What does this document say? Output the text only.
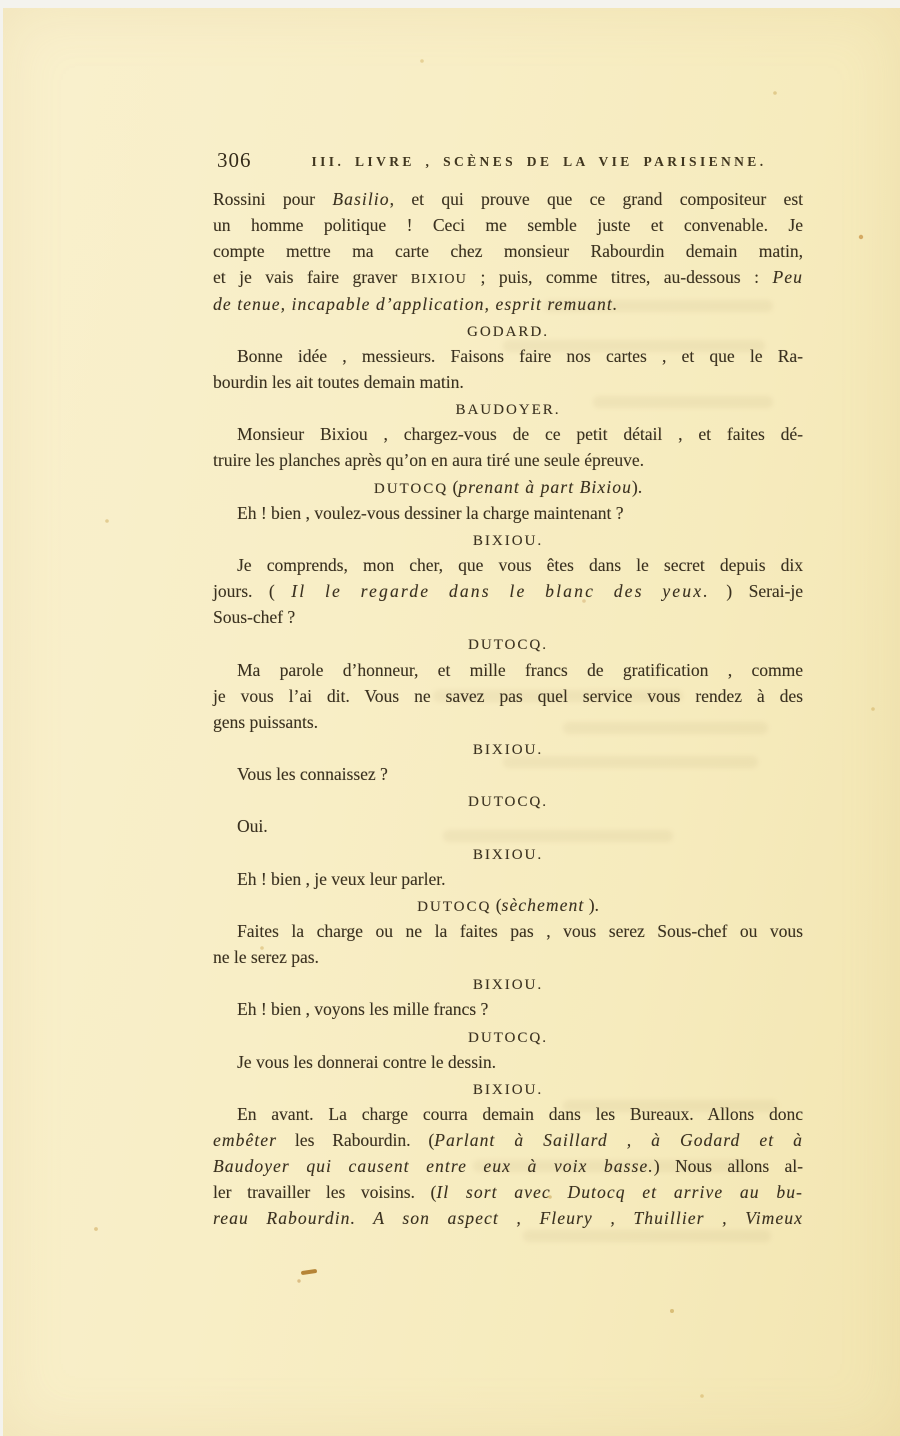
306	III. LIVRE , SCÈNES DE LA VIE PARISIENNE.
Rossini pour Basilio, et qui prouve que ce grand compositeur est
un homme politique ! Ceci me semble juste et convenable. Je
compte mettre ma carte chez monsieur Rabourdin demain matin,
et je vais faire graver BIXIOU ; puis, comme titres, au-dessous : Peu
de tenue, incapable d’application, esprit remuant.
GODARD.
Bonne idée , messieurs. Faisons faire nos cartes , et que le Ra-
bourdin les ait toutes demain matin.
BAUDOYER.
Monsieur Bixiou , chargez-vous de ce petit détail , et faites dé-
truire les planches après qu’on en aura tiré une seule épreuve.
DUTOCQ (prenant à part Bixiou).
Eh ! bien , voulez-vous dessiner la charge maintenant ?
BIXIOU.
Je comprends, mon cher, que vous êtes dans le secret depuis dix
jours. ( Il le regarde dans le blanc des yeux. ) Serai-je
Sous-chef ?
DUTOCQ.
Ma parole d’honneur, et mille francs de gratification , comme
je vous l’ai dit. Vous ne savez pas quel service vous rendez à des
gens puissants.
BIXIOU.
Vous les connaissez ?
DUTOCQ.
Oui.
BIXIOU.
Eh ! bien , je veux leur parler.
DUTOCQ (sèchement ).
Faites la charge ou ne la faites pas , vous serez Sous-chef ou vous
ne le serez pas.
BIXIOU.
Eh ! bien , voyons les mille francs ?
DUTOCQ.
Je vous les donnerai contre le dessin.
BIXIOU.
En avant. La charge courra demain dans les Bureaux. Allons donc
embêter les Rabourdin. (Parlant à Saillard , à Godard et à
Baudoyer qui causent entre eux à voix basse.) Nous allons al-
ler travailler les voisins. (Il sort avec Dutocq et arrive au bu-
reau Rabourdin. A son aspect , Fleury , Thuillier , Vimeux
